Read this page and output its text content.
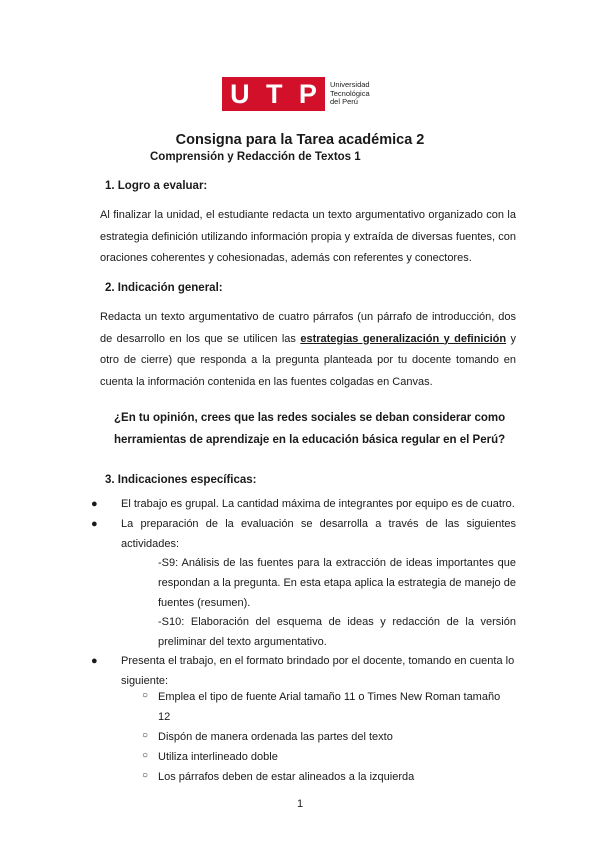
U T P Universidad
Tecnológica
del Perú
Consigna para la Tarea académica 2
Comprensión y Redacción de Textos 1
1. Logro a evaluar:
Al finalizar la unidad, el estudiante redacta un texto argumentativo organizado con la estrategia definición utilizando información propia y extraída de diversas fuentes, con oraciones coherentes y cohesionadas, además con referentes y conectores.
2. Indicación general:
Redacta un texto argumentativo de cuatro párrafos (un párrafo de introducción, dos de desarrollo en los que se utilicen las estrategias generalización y definición y otro de cierre) que responda a la pregunta planteada por tu docente tomando en cuenta la información contenida en las fuentes colgadas en Canvas.
¿En tu opinión, crees que las redes sociales se deban considerar como herramientas de aprendizaje en la educación básica regular en el Perú?
3. Indicaciones específicas:
● El trabajo es grupal. La cantidad máxima de integrantes por equipo es de cuatro.
● La preparación de la evaluación se desarrolla a través de las siguientes actividades:
-S9: Análisis de las fuentes para la extracción de ideas importantes que respondan a la pregunta. En esta etapa aplica la estrategia de manejo de fuentes (resumen).
-S10: Elaboración del esquema de ideas y redacción de la versión preliminar del texto argumentativo.
● Presenta el trabajo, en el formato brindado por el docente, tomando en cuenta lo siguiente:
○ Emplea el tipo de fuente Arial tamaño 11 o Times New Roman tamaño 12
○ Dispón de manera ordenada las partes del texto
○ Utiliza interlineado doble
○ Los párrafos deben de estar alineados a la izquierda
1
